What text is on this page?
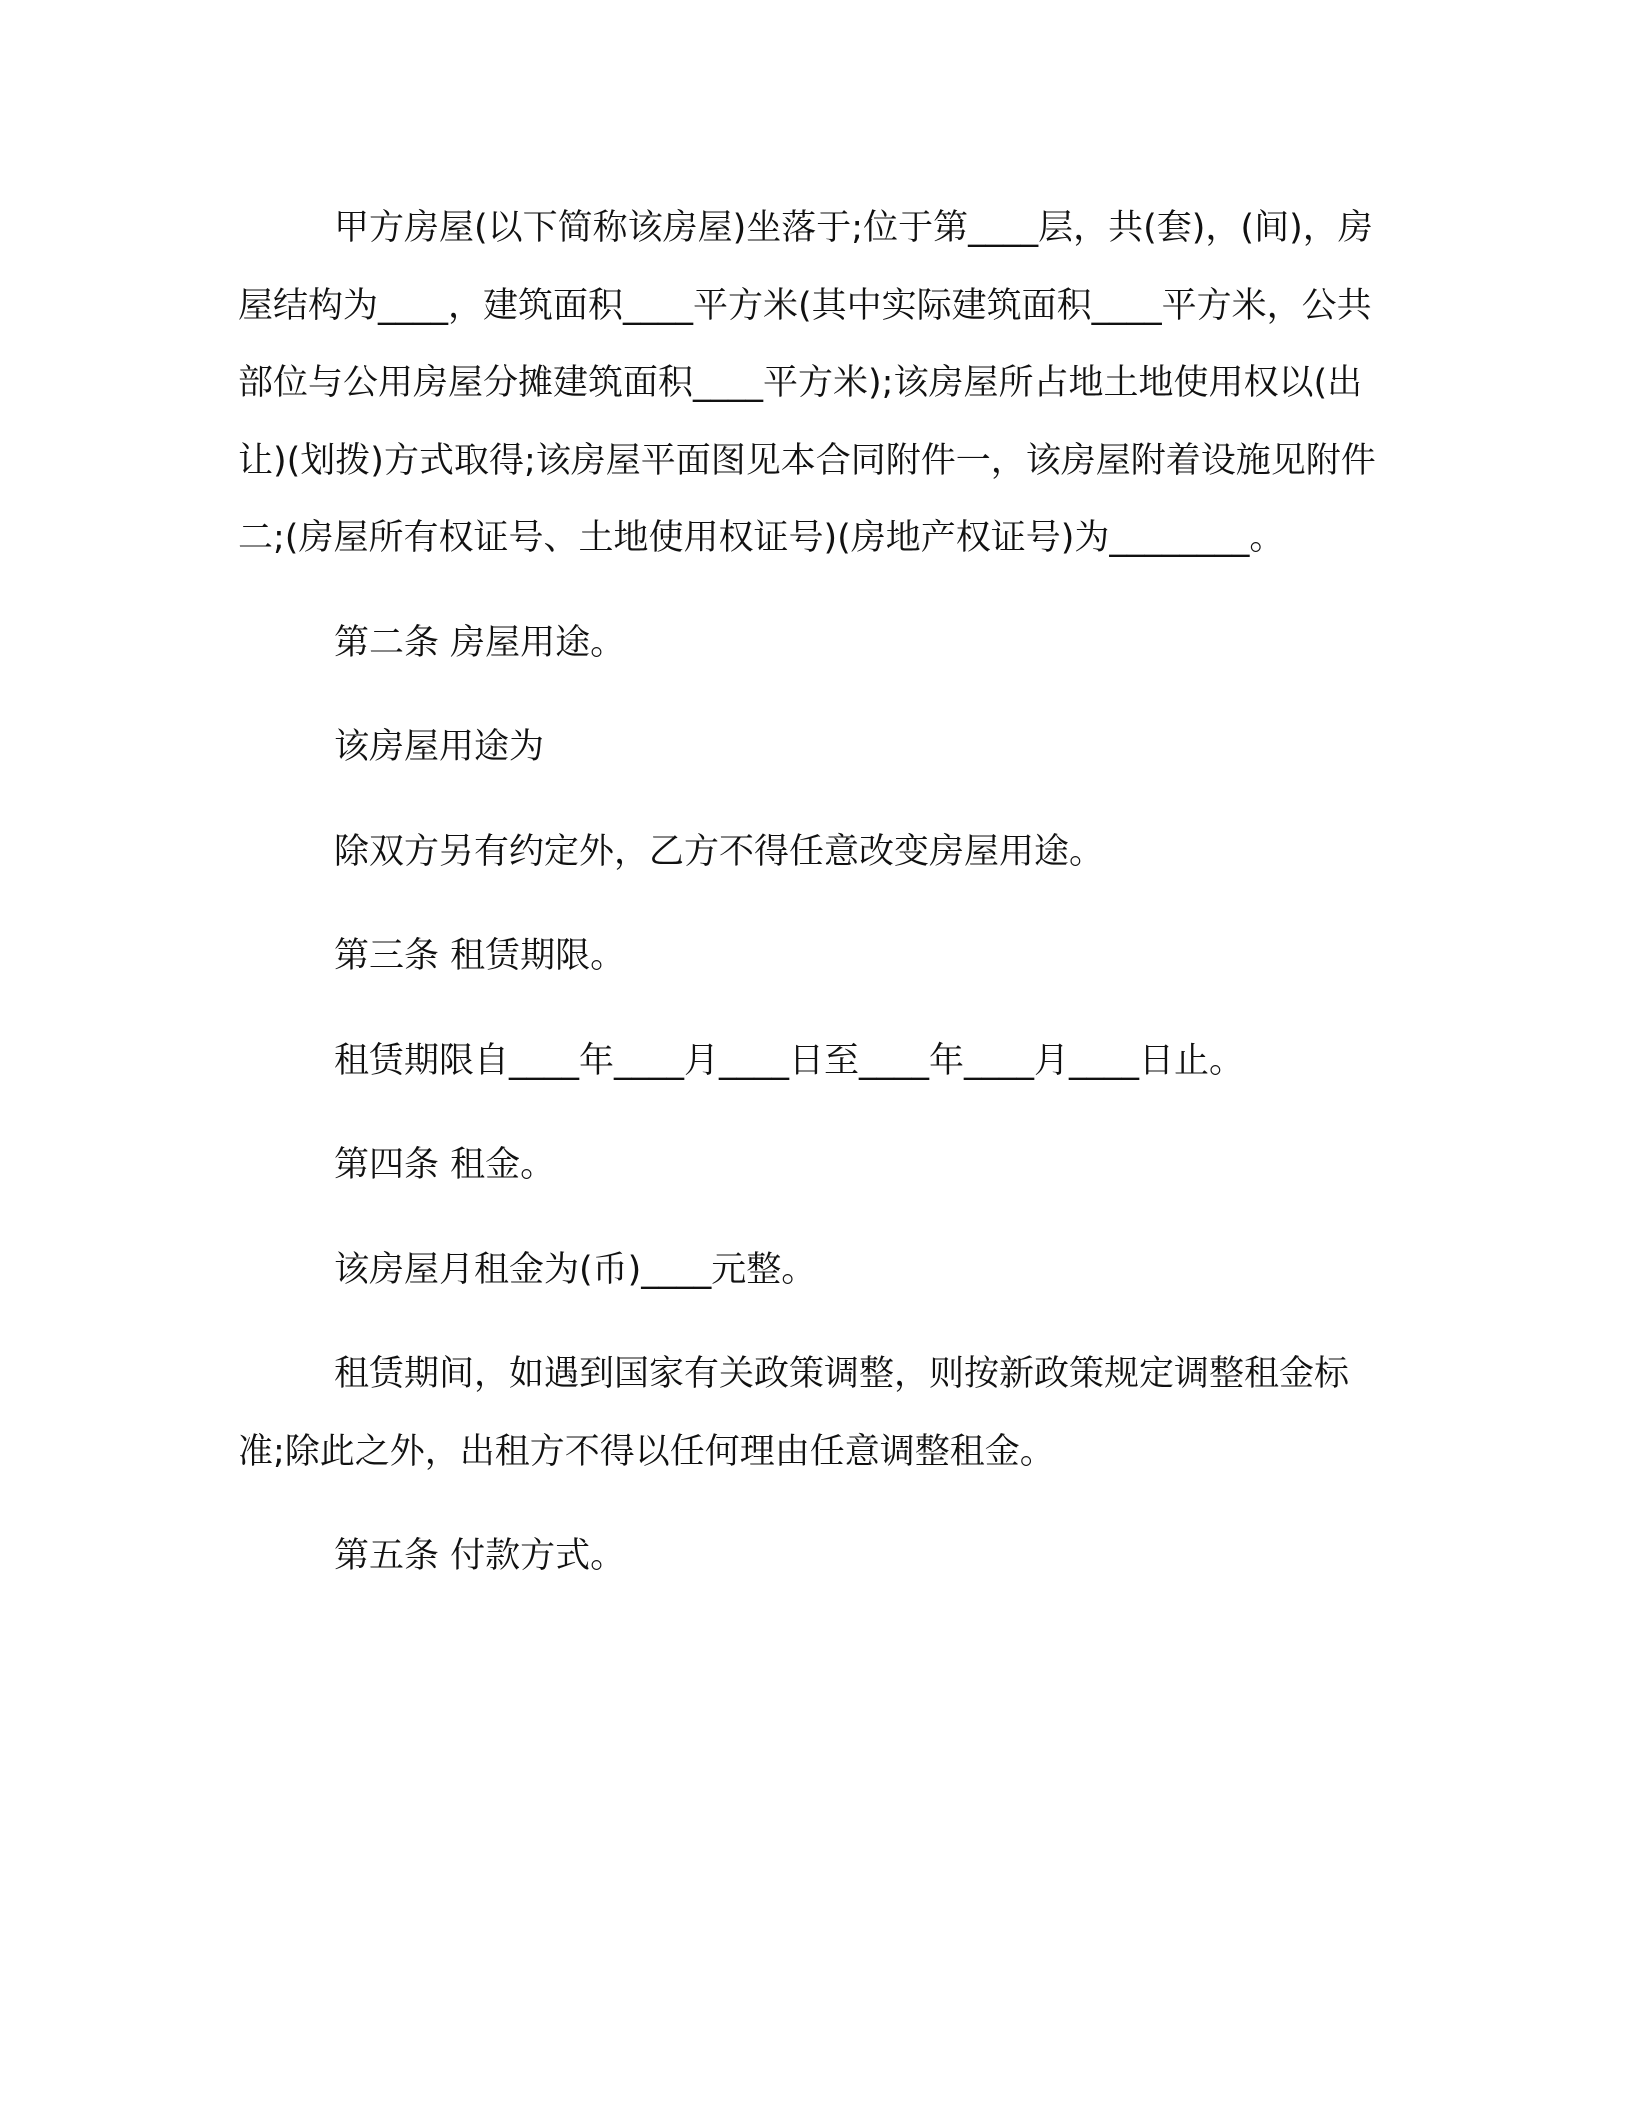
甲方房屋(以下简称该房屋)坐落于;位于第____层，共(套)，(间)，房屋结构为____，建筑面积____平方米(其中实际建筑面积____平方米，公共部位与公用房屋分摊建筑面积____平方米);该房屋所占地土地使用权以(出让)(划拨)方式取得;该房屋平面图见本合同附件一，该房屋附着设施见附件二;(房屋所有权证号、土地使用权证号)(房地产权证号)为________。

第二条 房屋用途。

该房屋用途为

除双方另有约定外，乙方不得任意改变房屋用途。

第三条 租赁期限。

租赁期限自____年____月____日至____年____月____日止。

第四条 租金。

该房屋月租金为(币)____元整。

租赁期间，如遇到国家有关政策调整，则按新政策规定调整租金标准;除此之外，出租方不得以任何理由任意调整租金。

第五条 付款方式。
